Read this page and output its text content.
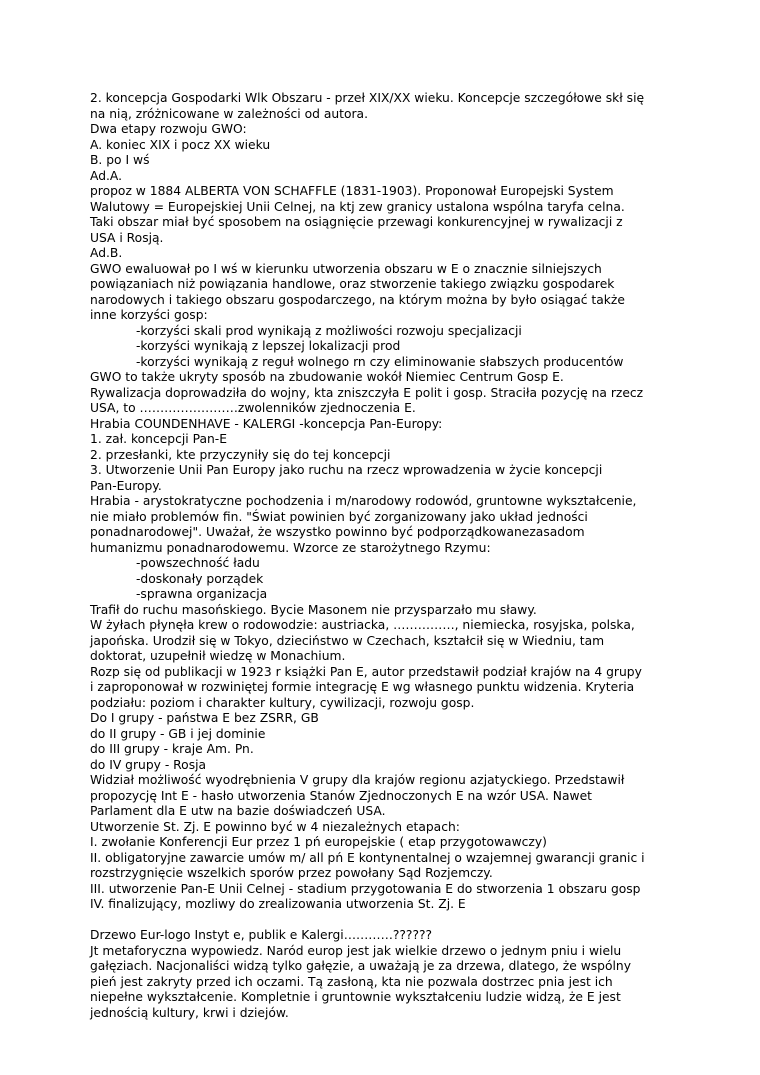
2. koncepcja Gospodarki Wlk Obszaru - przeł XIX/XX wieku. Koncepcje szczegółowe skł się

na nią, zróżnicowane w zależności od autora.

Dwa etapy rozwoju GWO:

A. koniec XIX i pocz XX wieku

B. po I wś

Ad.A.

propoz w 1884 ALBERTA VON SCHAFFLE (1831-1903). Proponował Europejski System

Walutowy = Europejskiej Unii Celnej, na ktj zew granicy ustalona wspólna taryfa celna.

Taki obszar miał być sposobem na osiągnięcie przewagi konkurencyjnej w rywalizacji z

USA i Rosją.

Ad.B.

GWO ewaluował po I wś w kierunku utworzenia obszaru w E o znacznie silniejszych

powiązaniach niż powiązania handlowe, oraz stworzenie takiego związku gospodarek

narodowych i takiego obszaru gospodarczego, na którym można by było osiągać także

inne korzyści gosp:

-korzyści skali prod wynikają z możliwości rozwoju specjalizacji

-korzyści wynikają z lepszej lokalizacji prod

-korzyści wynikają z reguł wolnego rn czy eliminowanie słabszych producentów

GWO to także ukryty sposób na zbudowanie wokół Niemiec Centrum Gosp E.

Rywalizacja doprowadziła do wojny, kta zniszczyła E polit i gosp. Straciła pozycję na rzecz

USA, to ……………………zwolenników zjednoczenia E.

Hrabia COUNDENHAVE - KALERGI -koncepcja Pan-Europy:

1. zał. koncepcji Pan-E

2. przesłanki, kte przyczyniły się do tej koncepcji

3. Utworzenie Unii Pan Europy jako ruchu na rzecz wprowadzenia w życie koncepcji

Pan-Europy.

Hrabia - arystokratyczne pochodzenia i m/narodowy rodowód, gruntowne wykształcenie,

nie miało problemów fin. "Świat powinien być zorganizowany jako układ jedności

ponadnarodowej". Uważał, że wszystko powinno być podporządkowanezasadom

humanizmu ponadnarodowemu. Wzorce ze starożytnego Rzymu:

-powszechność ładu

-doskonały porządek

-sprawna organizacja

Trafił do ruchu masońskiego. Bycie Masonem nie przysparzało mu sławy.

W żyłach płynęła krew o rodowodzie: austriacka, ……………, niemiecka, rosyjska, polska,

japońska. Urodził się w Tokyo, dzieciństwo w Czechach, kształcił się w Wiedniu, tam

doktorat, uzupełnił wiedzę w Monachium.

Rozp się od publikacji w 1923 r książki Pan E, autor przedstawił podział krajów na 4 grupy

i zaproponował w rozwiniętej formie integrację E wg własnego punktu widzenia. Kryteria

podziału: poziom i charakter kultury, cywilizacji, rozwoju gosp.

Do I grupy - państwa E bez ZSRR, GB

do II grupy - GB i jej dominie

do III grupy - kraje Am. Pn.

do IV grupy - Rosja

Widział możliwość wyodrębnienia V grupy dla krajów regionu azjatyckiego. Przedstawił

propozycję Int E - hasło utworzenia Stanów Zjednoczonych E na wzór USA. Nawet

Parlament dla E utw na bazie doświadczeń USA.

Utworzenie St. Zj. E powinno być w 4 niezależnych etapach:

I. zwołanie Konferencji Eur przez 1 pń europejskie ( etap przygotowawczy)

II. obligatoryjne zawarcie umów m/ all pń E kontynentalnej o wzajemnej gwarancji granic i

rozstrzygnięcie wszelkich sporów przez powołany Sąd Rozjemczy.

III. utworzenie Pan-E Unii Celnej - stadium przygotowania E do stworzenia 1 obszaru gosp

IV. finalizujący, mozliwy do zrealizowania utworzenia St. Zj. E

Drzewo Eur-logo Instyt e, publik e Kalergi…………??????

Jt metaforyczna wypowiedz. Naród europ jest jak wielkie drzewo o jednym pniu i wielu

gałęziach. Nacjonaliści widzą tylko gałęzie, a uważają je za drzewa, dlatego, że wspólny

pień jest zakryty przed ich oczami. Tą zasłoną, kta nie pozwala dostrzec pnia jest ich

niepełne wykształcenie. Kompletnie i gruntownie wykształceniu ludzie widzą, że E jest

jednością kultury, krwi i dziejów.
